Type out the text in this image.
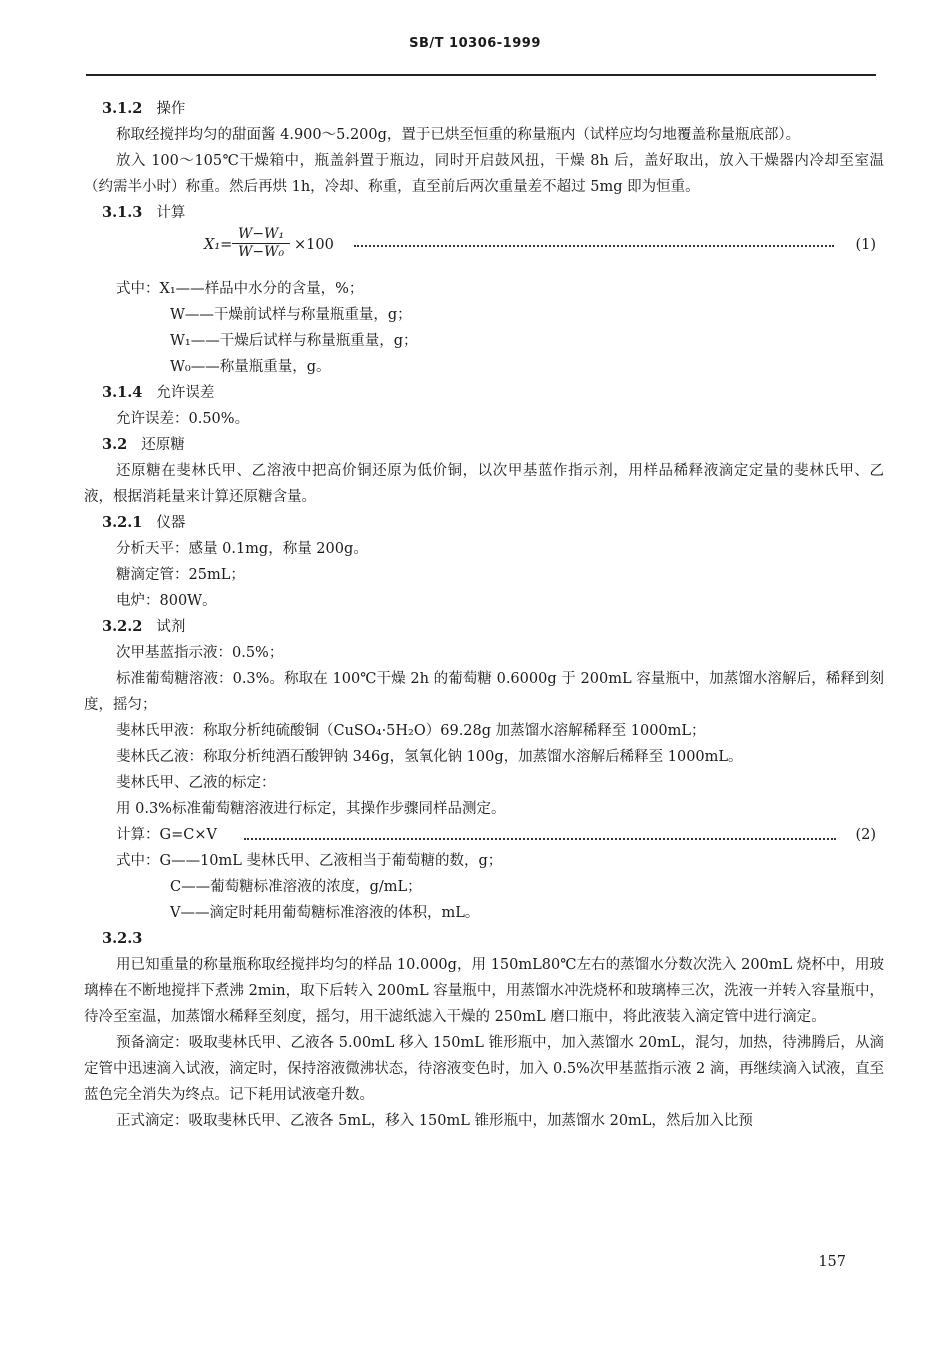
SB/T 10306-1999

3.1.2 操作

称取经搅拌均匀的甜面酱 4.900～5.200g，置于已烘至恒重的称量瓶内（试样应均匀地覆盖称量瓶底部）。

放入 100～105℃干燥箱中，瓶盖斜置于瓶边，同时开启鼓风扭，干燥 8h 后，盖好取出，放入干燥器内冷却至室温（约需半小时）称重。然后再烘 1h，冷却、称重，直至前后两次重量差不超过 5mg 即为恒重。

3.1.3 计算

$X_1= \frac{\text{W−W₁}}{\text{W−W₀}} \times 100$	(1)

式中：X₁——样品中水分的含量，%；

W——干燥前试样与称量瓶重量，g；

W₁——干燥后试样与称量瓶重量，g；

W₀——称量瓶重量，g。

3.1.4 允许误差

允许误差：0.50%。

3.2 还原糖

还原糖在斐林氏甲、乙溶液中把高价铜还原为低价铜，以次甲基蓝作指示剂，用样品稀释液滴定定量的斐林氏甲、乙液，根据消耗量来计算还原糖含量。

3.2.1 仪器

分析天平：感量 0.1mg，称量 200g。

糖滴定管：25mL；

电炉：800W。

3.2.2 试剂

次甲基蓝指示液：0.5%；

标准葡萄糖溶液：0.3%。称取在 100℃干燥 2h 的葡萄糖 0.6000g 于 200mL 容量瓶中，加蒸馏水溶解后，稀释到刻度，摇匀；

斐林氏甲液：称取分析纯硫酸铜（CuSO₄·5H₂O）69.28g 加蒸馏水溶解稀释至 1000mL；

斐林氏乙液：称取分析纯酒石酸钾钠 346g，氢氧化钠 100g，加蒸馏水溶解后稀释至 1000mL。

斐林氏甲、乙液的标定：

用 0.3%标准葡萄糖溶液进行标定，其操作步骤同样品测定。

计算：G=C×V	(2)

式中：G——10mL 斐林氏甲、乙液相当于葡萄糖的数，g；

C——葡萄糖标准溶液的浓度，g/mL；

V——滴定时耗用葡萄糖标准溶液的体积，mL。

3.2.3

用已知重量的称量瓶称取经搅拌均匀的样品 10.000g，用 150mL80℃左右的蒸馏水分数次洗入 200mL 烧杯中，用玻璃棒在不断地搅拌下煮沸 2min，取下后转入 200mL 容量瓶中，用蒸馏水冲洗烧杯和玻璃棒三次，洗液一并转入容量瓶中，待冷至室温，加蒸馏水稀释至刻度，摇匀，用干滤纸滤入干燥的 250mL 磨口瓶中，将此液装入滴定管中进行滴定。

预备滴定：吸取斐林氏甲、乙液各 5.00mL 移入 150mL 锥形瓶中，加入蒸馏水 20mL，混匀，加热，待沸腾后，从滴定管中迅速滴入试液，滴定时，保持溶液微沸状态，待溶液变色时，加入 0.5%次甲基蓝指示液 2 滴，再继续滴入试液，直至蓝色完全消失为终点。记下耗用试液毫升数。

正式滴定：吸取斐林氏甲、乙液各 5mL，移入 150mL 锥形瓶中，加蒸馏水 20mL，然后加入比预

157
